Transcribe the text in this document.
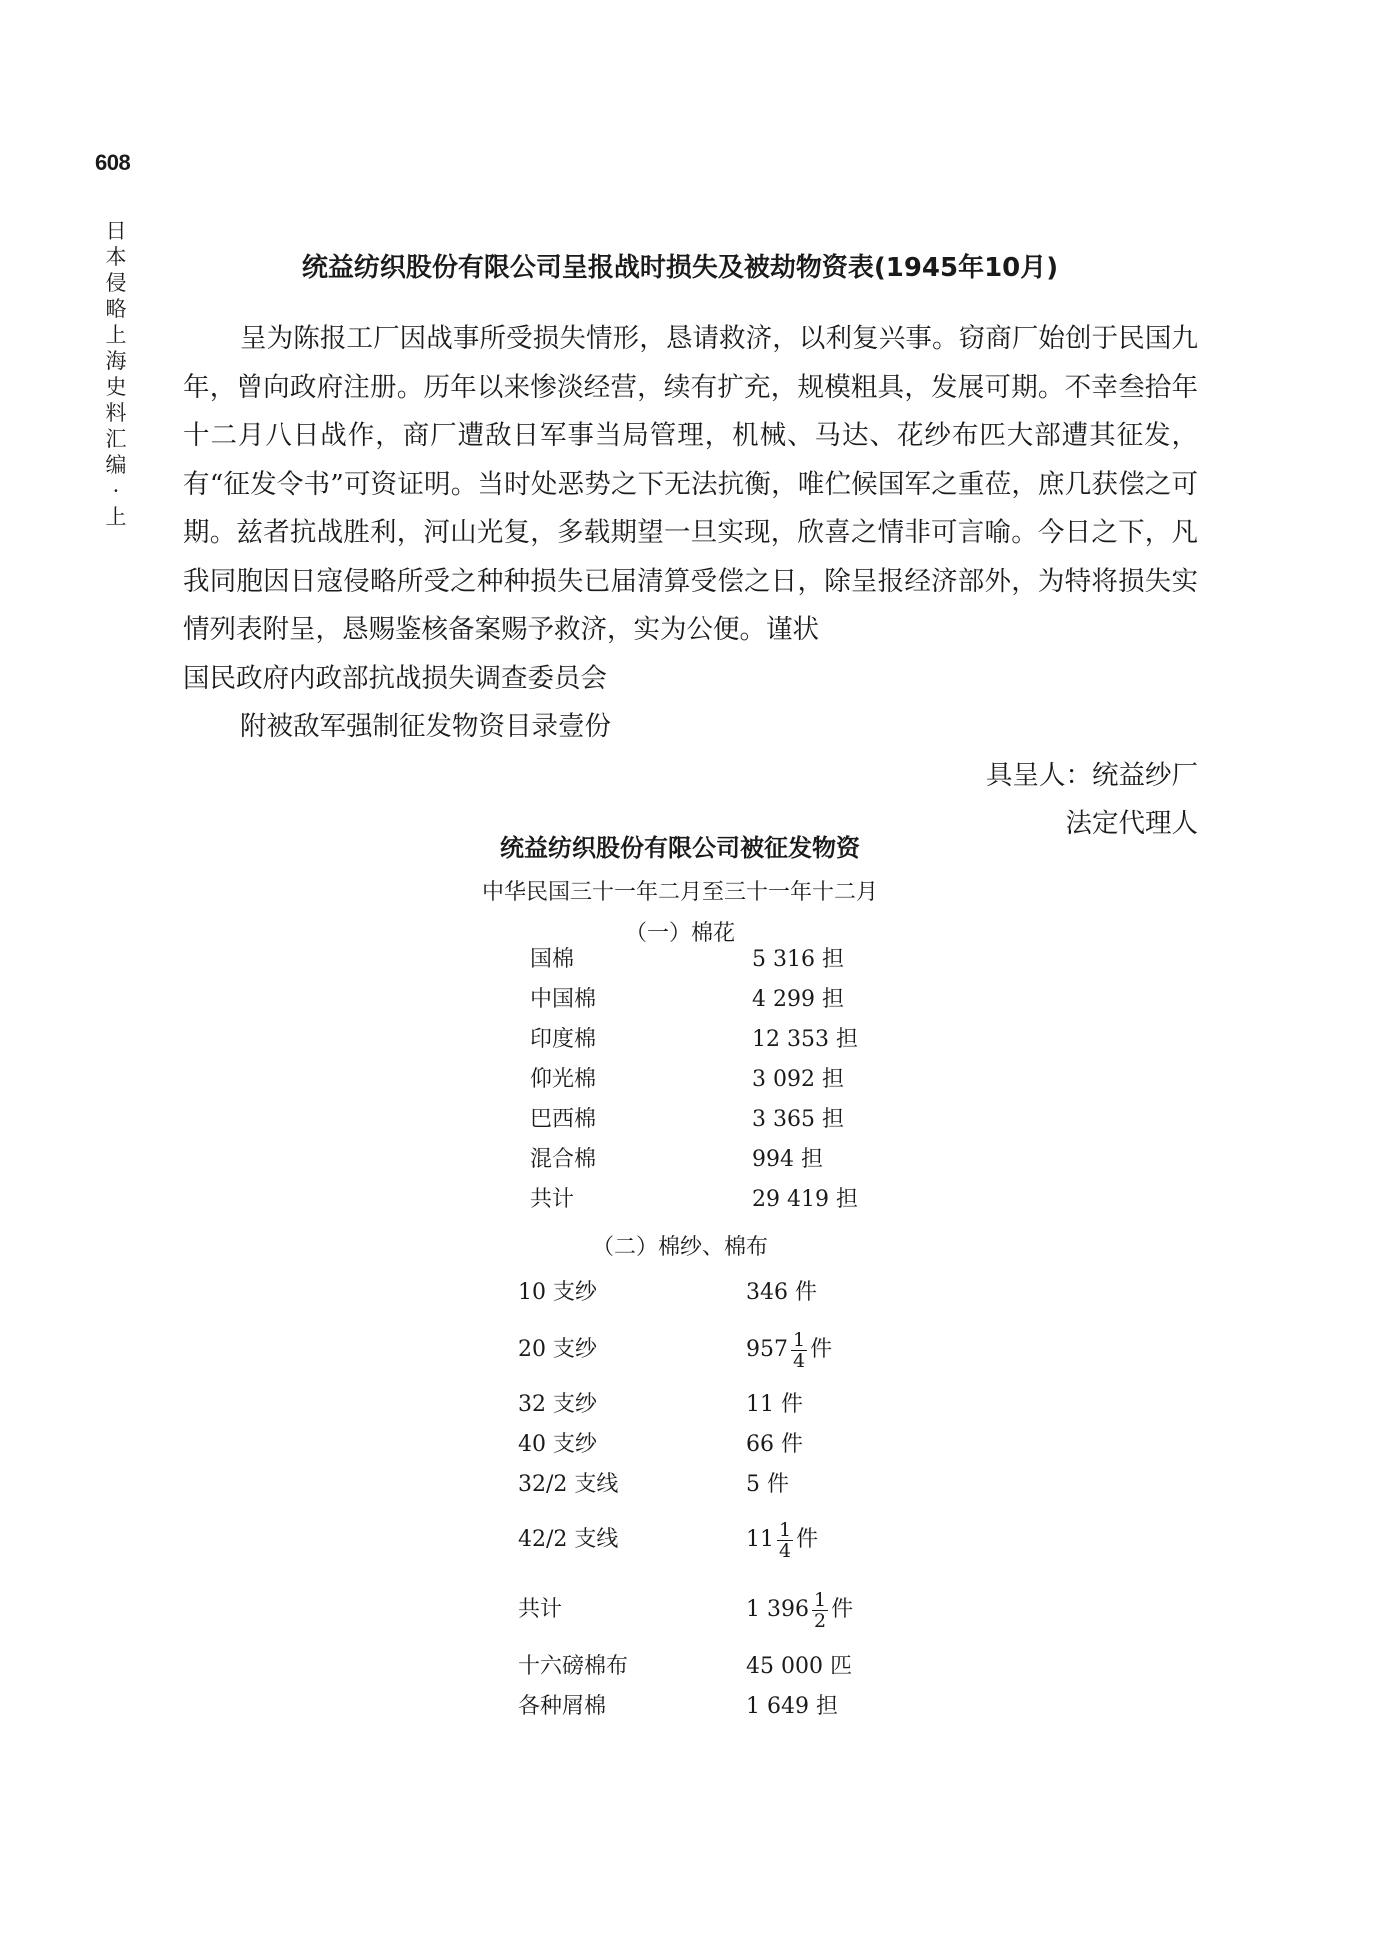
608
日本侵略上海史料汇编·上
统益纺织股份有限公司呈报战时损失及被劫物资表(1945年10月)

呈为陈报工厂因战事所受损失情形，恳请救济，以利复兴事。窃商厂始创于民国九年，曾向政府注册。历年以来惨淡经营，续有扩充，规模粗具，发展可期。不幸叁拾年十二月八日战作，商厂遭敌日军事当局管理，机械、马达、花纱布匹大部遭其征发，有“征发令书”可资证明。当时处恶势之下无法抗衡，唯伫候国军之重莅，庶几获偿之可期。兹者抗战胜利，河山光复，多载期望一旦实现，欣喜之情非可言喻。今日之下，凡我同胞因日寇侵略所受之种种损失已届清算受偿之日，除呈报经济部外，为特将损失实情列表附呈，恳赐鉴核备案赐予救济，实为公便。谨状

国民政府内政部抗战损失调查委员会

附被敌军强制征发物资目录壹份

具呈人：统益纱厂

法定代理人

统益纺织股份有限公司被征发物资
中华民国三十一年二月至三十一年十二月
（一）棉花
国棉	5 316 担
中国棉	4 299 担
印度棉	12 353 担
仰光棉	3 092 担
巴西棉	3 365 担
混合棉	994 担
共计	29 419 担
（二）棉纱、棉布
10 支纱	346 件
20 支纱	$957 \frac{1}{4}$ 件
32 支纱	11 件
40 支纱	66 件
32/2 支线	5 件
42/2 支线	$11 \frac{1}{4}$ 件
共计	1 $396 \frac{1}{2}$ 件
十六磅棉布	45 000 匹
各种屑棉	1 649 担
